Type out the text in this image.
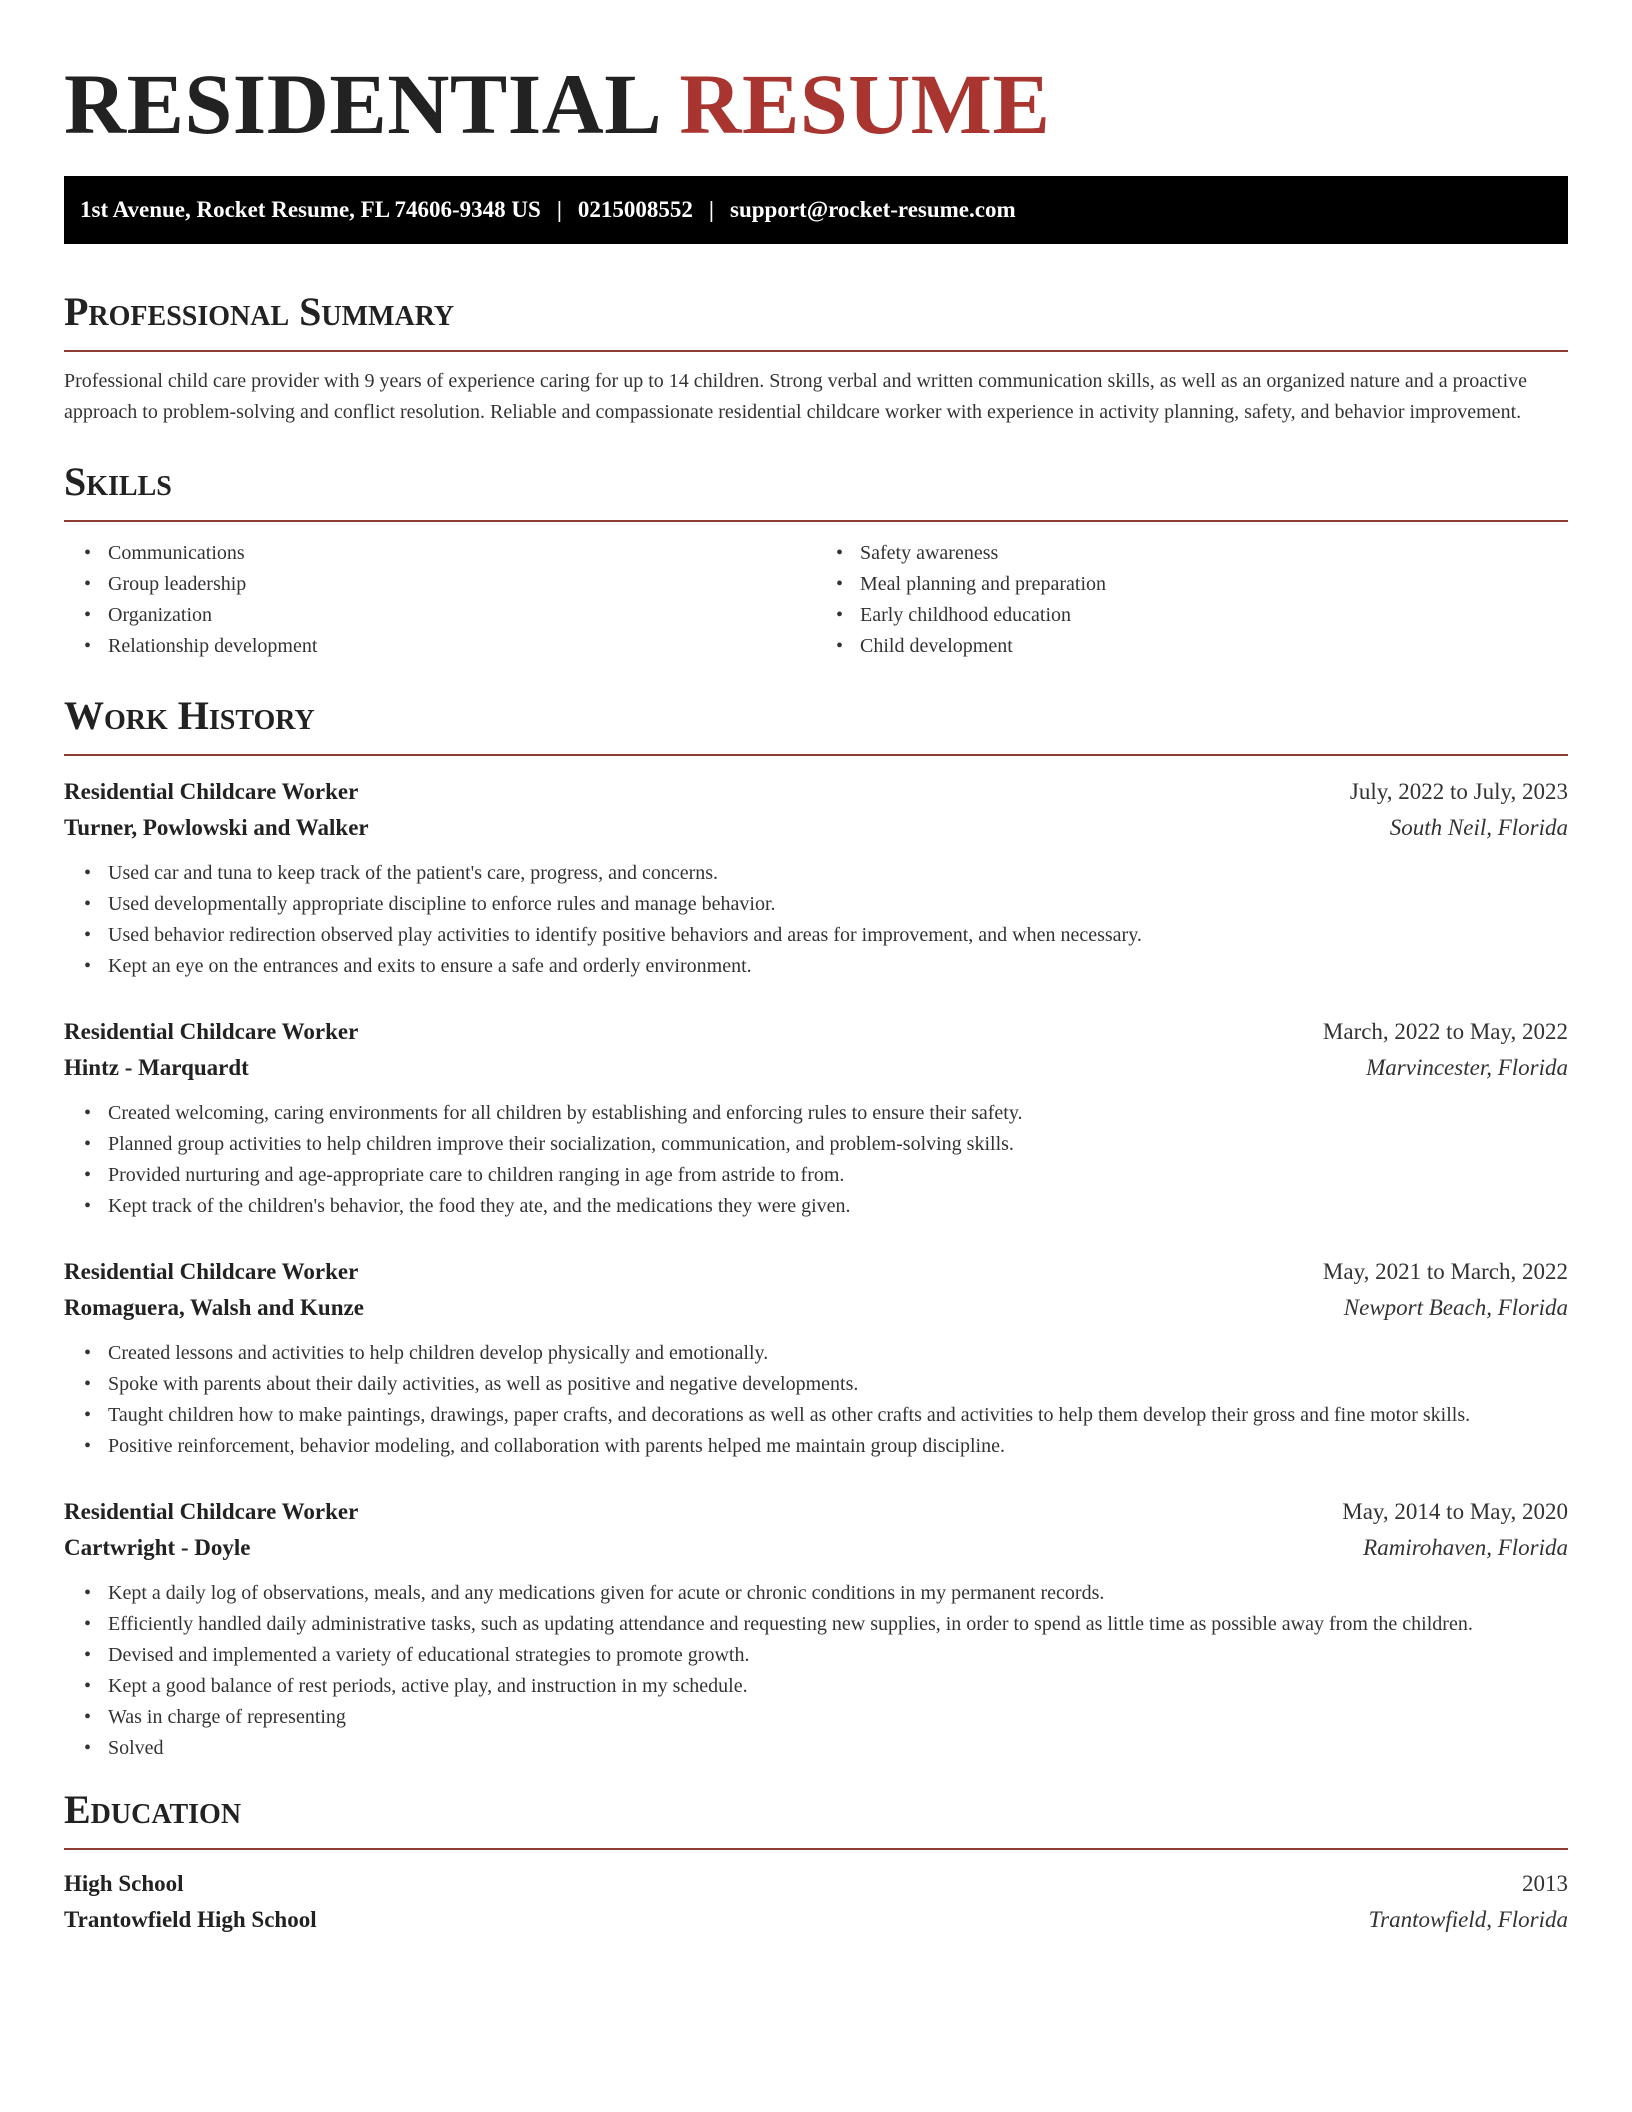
RESIDENTIAL RESUME
1st Avenue, Rocket Resume, FL 74606-9348 US | 0215008552 | support@rocket-resume.com
Professional Summary

Professional child care provider with 9 years of experience caring for up to 14 children. Strong verbal and written communication skills, as well as an organized nature and a proactive approach to problem-solving and conflict resolution. Reliable and compassionate residential childcare worker with experience in activity planning, safety, and behavior improvement.

Skills
• Communications
• Group leadership
• Organization
• Relationship development
• Safety awareness
• Meal planning and preparation
• Early childhood education
• Child development
Work History
Residential Childcare Worker	July, 2022 to July, 2023
Turner, Powlowski and Walker	South Neil, Florida
• Used car and tuna to keep track of the patient's care, progress, and concerns.
• Used developmentally appropriate discipline to enforce rules and manage behavior.
• Used behavior redirection observed play activities to identify positive behaviors and areas for improvement, and when necessary.
• Kept an eye on the entrances and exits to ensure a safe and orderly environment.
Residential Childcare Worker	March, 2022 to May, 2022
Hintz - Marquardt	Marvincester, Florida
• Created welcoming, caring environments for all children by establishing and enforcing rules to ensure their safety.
• Planned group activities to help children improve their socialization, communication, and problem-solving skills.
• Provided nurturing and age-appropriate care to children ranging in age from astride to from.
• Kept track of the children's behavior, the food they ate, and the medications they were given.
Residential Childcare Worker	May, 2021 to March, 2022
Romaguera, Walsh and Kunze	Newport Beach, Florida
• Created lessons and activities to help children develop physically and emotionally.
• Spoke with parents about their daily activities, as well as positive and negative developments.
• Taught children how to make paintings, drawings, paper crafts, and decorations as well as other crafts and activities to help them develop their gross and fine motor skills.
• Positive reinforcement, behavior modeling, and collaboration with parents helped me maintain group discipline.
Residential Childcare Worker	May, 2014 to May, 2020
Cartwright - Doyle	Ramirohaven, Florida
• Kept a daily log of observations, meals, and any medications given for acute or chronic conditions in my permanent records.
• Efficiently handled daily administrative tasks, such as updating attendance and requesting new supplies, in order to spend as little time as possible away from the children.
• Devised and implemented a variety of educational strategies to promote growth.
• Kept a good balance of rest periods, active play, and instruction in my schedule.
• Was in charge of representing
• Solved
Education
High School	2013
Trantowfield High School	Trantowfield, Florida
